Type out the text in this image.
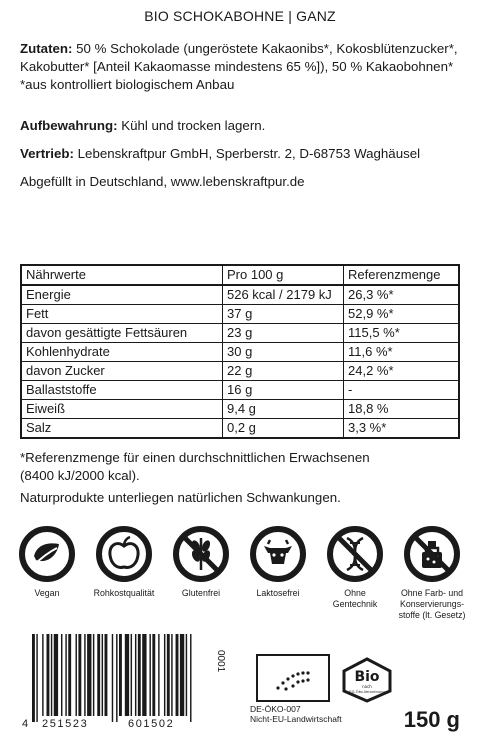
BIO SCHOKABOHNE | GANZ
Zutaten: 50 % Schokolade (ungeröstete Kakaonibs*, Kokosblütenzucker*,
Kakobutter* [Anteil Kakaomasse mindestens 65 %]), 50 % Kakaobohnen*
*aus kontrolliert biologischem Anbau
Aufbewahrung: Kühl und trocken lagern.
Vertrieb: Lebenskraftpur GmbH, Sperberstr. 2, D-68753 Waghäusel
Abgefüllt in Deutschland, www.lebenskraftpur.de
Nährwerte	Pro 100 g	Referenzmenge
Energie	526 kcal / 2179 kJ	26,3 %*
Fett	37 g	52,9 %*
davon gesättigte Fettsäuren	23 g	115,5 %*
Kohlenhydrate	30 g	11,6 %*
davon Zucker	22 g	24,2 %*
Ballaststoffe	16 g	-
Eiweiß	9,4 g	18,8 %
Salz	0,2 g	3,3 %*
*Referenzmenge für einen durchschnittlichen Erwachsenen
(8400 kJ/2000 kcal).
Naturprodukte unterliegen natürlichen Schwankungen.
Vegan	Rohkostqualität	Glutenfrei	Laktosefrei	Ohne
Gentechnik
Ohne Farb- und
Konservierungs-
stoffe (lt. Gesetz)
4 251523	601502
0001
DE-ÖKO-007
Nicht-EU-Landwirtschaft
Bio
nach
EG-Öko-Verordnung
150 g
